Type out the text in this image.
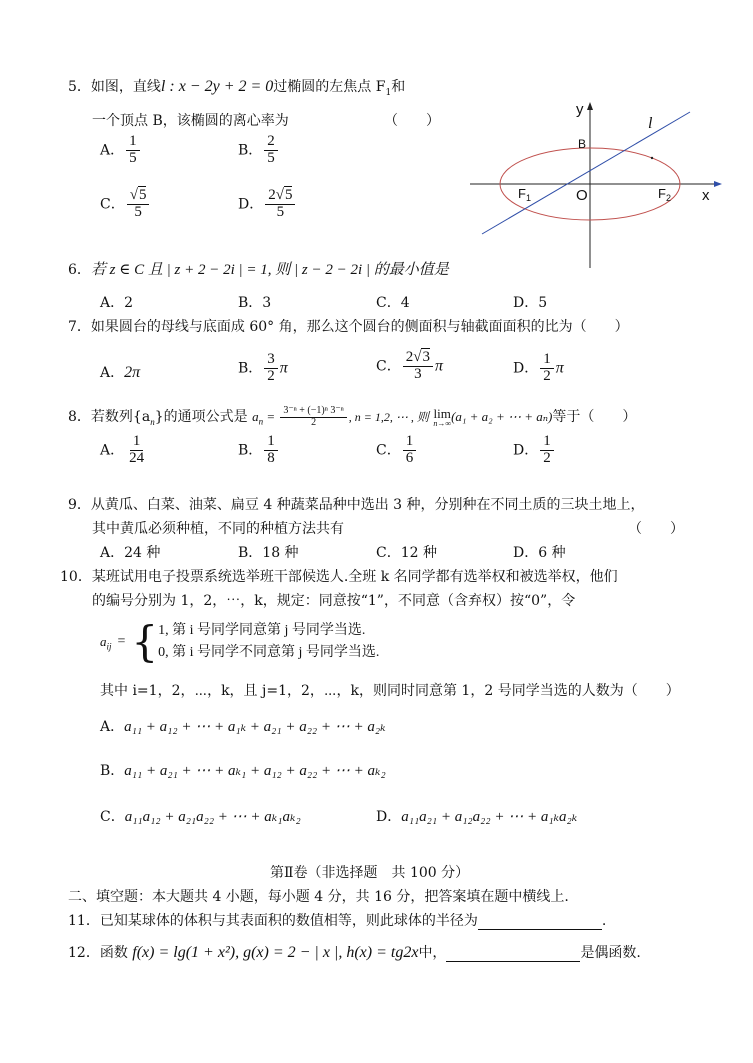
5．如图，直线l : x − 2y + 2 = 0过椭圆的左焦点 $F_1$和
一个顶点 B，该椭圆的离心率为	（　　）
A． $\frac{1}{5}$	B． $\frac{2}{5}$
C． $\frac{√5}{5}$	D． $\frac{2√5}{5}$
y
x
l
B
O
$F_1$	$F_2$
6．若 z ∈ C 且 | z + 2 − 2i | = 1, 则 | z − 2 − 2i | 的最小值是
A．2	B．3	C．4	D．5
7．如果圆台的母线与底面成 60° 角，那么这个圆台的侧面积与轴截面面积的比为（　　）
A．2π	B． $\frac{3}{2}$ π	C． $\frac{2√3}{3}$ π	D． $\frac{1}{2}$ π
8．若数列$\{a_n\}$的通项公式是 $a_n = \frac{\text{3⁻ⁿ + (−1)ⁿ 3⁻ⁿ}}{2}$ , n = 1,2, ⋯ , 则 lim
n→∞ (a₁ + a₂ + ⋯ + aₙ)等于（　　）
A． $\frac{1}{24}$	B． $\frac{1}{8}$	C． $\frac{1}{6}$	D． $\frac{1}{2}$
9．从黄瓜、白菜、油菜、扁豆 4 种蔬菜品种中选出 3 种，分别种在不同土质的三块土地上，
其中黄瓜必须种植，不同的种植方法共有	（　　）
A．24 种	B．18 种	C．12 种	D．6 种
10．某班试用电子投票系统选举班干部候选人.全班 k 名同学都有选举权和被选举权，他们
的编号分别为 1，2，⋯，k，规定：同意按“1”，不同意（含弃权）按“0”，令
$a_{ij}$ = { 1, 第 i 号同学同意第 j 号同学当选.
0, 第 i 号同学不同意第 j 号同学当选.
其中 i=1，2，⋯，k，且 j=1，2，⋯，k，则同时同意第 1，2 号同学当选的人数为（　　）
A．a₁₁ + a₁₂ + ⋯ + a₁ₖ + a₂₁ + a₂₂ + ⋯ + a₂ₖ
B．a₁₁ + a₂₁ + ⋯ + aₖ₁ + a₁₂ + a₂₂ + ⋯ + aₖ₂
C．a₁₁a₁₂ + a₂₁a₂₂ + ⋯ + aₖ₁aₖ₂	D．a₁₁a₂₁ + a₁₂a₂₂ + ⋯ + a₁ₖa₂ₖ
第Ⅱ卷（非选择题　共 100 分）
二、填空题：本大题共 4 小题，每小题 4 分，共 16 分，把答案填在题中横线上.
11．已知某球体的体积与其表面积的数值相等，则此球体的半径为	.
12．函数 f(x) = lg(1 + x²), g(x) = 2 − | x |, h(x) = tg2x中，	是偶函数.
